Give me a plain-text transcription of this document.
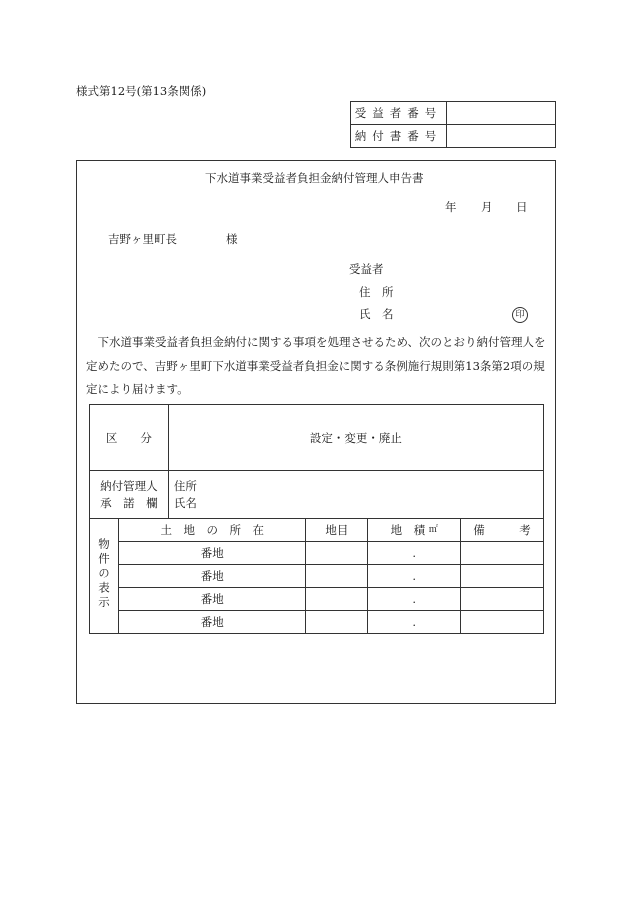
様式第12号(第13条関係)
受益者番号	
納付書番号	
下水道事業受益者負担金納付管理人申告書
年 月 日
吉野ヶ里町長	様
受益者
住　所
氏　名	印
　下水道事業受益者負担金納付に関する事項を処理させるため、次のとおり納付管理人を定めたので、吉野ヶ里町下水道事業受益者負担金に関する条例施行規則第13条第2項の規定により届けます。
区　　分		設定・変更・廃止			
納付管理人
承　諾　欄		住所
氏名			
物件の表示	土　地　の　所　在		地目	地　積 ㎡	備　　　考
	番地			.	
	番地			.	
	番地			.	
	番地			.	
